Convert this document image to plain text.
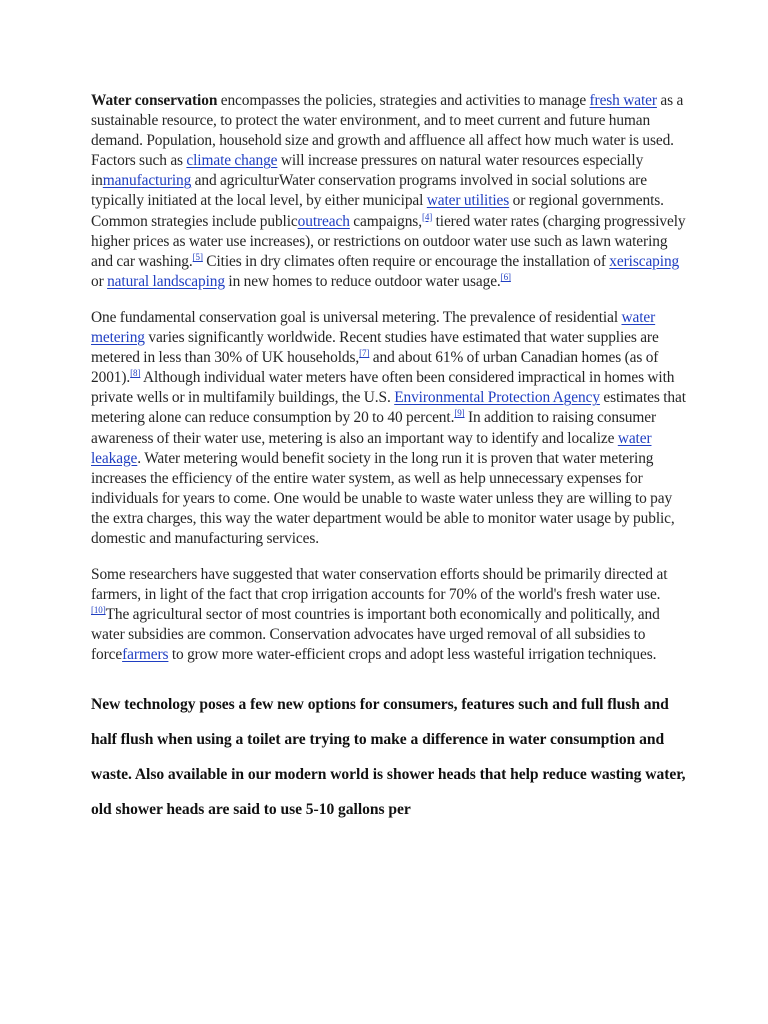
Water conservation encompasses the policies, strategies and activities to manage fresh water as a sustainable resource, to protect the water environment, and to meet current and future human demand. Population, household size and growth and affluence all affect how much water is used. Factors such as climate change will increase pressures on natural water resources especially inmanufacturing and agriculturWater conservation programs involved in social solutions are typically initiated at the local level, by either municipal water utilities or regional governments. Common strategies include publicoutreach campaigns,[4] tiered water rates (charging progressively higher prices as water use increases), or restrictions on outdoor water use such as lawn watering and car washing.[5] Cities in dry climates often require or encourage the installation of xeriscaping or natural landscaping in new homes to reduce outdoor water usage.[6]

One fundamental conservation goal is universal metering. The prevalence of residential water metering varies significantly worldwide. Recent studies have estimated that water supplies are metered in less than 30% of UK households,[7] and about 61% of urban Canadian homes (as of 2001).[8] Although individual water meters have often been considered impractical in homes with private wells or in multifamily buildings, the U.S. Environmental Protection Agency estimates that metering alone can reduce consumption by 20 to 40 percent.[9] In addition to raising consumer awareness of their water use, metering is also an important way to identify and localize water leakage. Water metering would benefit society in the long run it is proven that water metering increases the efficiency of the entire water system, as well as help unnecessary expenses for individuals for years to come. One would be unable to waste water unless they are willing to pay the extra charges, this way the water department would be able to monitor water usage by public, domestic and manufacturing services.

Some researchers have suggested that water conservation efforts should be primarily directed at farmers, in light of the fact that crop irrigation accounts for 70% of the world's fresh water use.[10]The agricultural sector of most countries is important both economically and politically, and water subsidies are common. Conservation advocates have urged removal of all subsidies to forcefarmers to grow more water-efficient crops and adopt less wasteful irrigation techniques.

New technology poses a few new options for consumers, features such and full flush and half flush when using a toilet are trying to make a difference in water consumption and waste. Also available in our modern world is shower heads that help reduce wasting water, old shower heads are said to use 5-10 gallons per
